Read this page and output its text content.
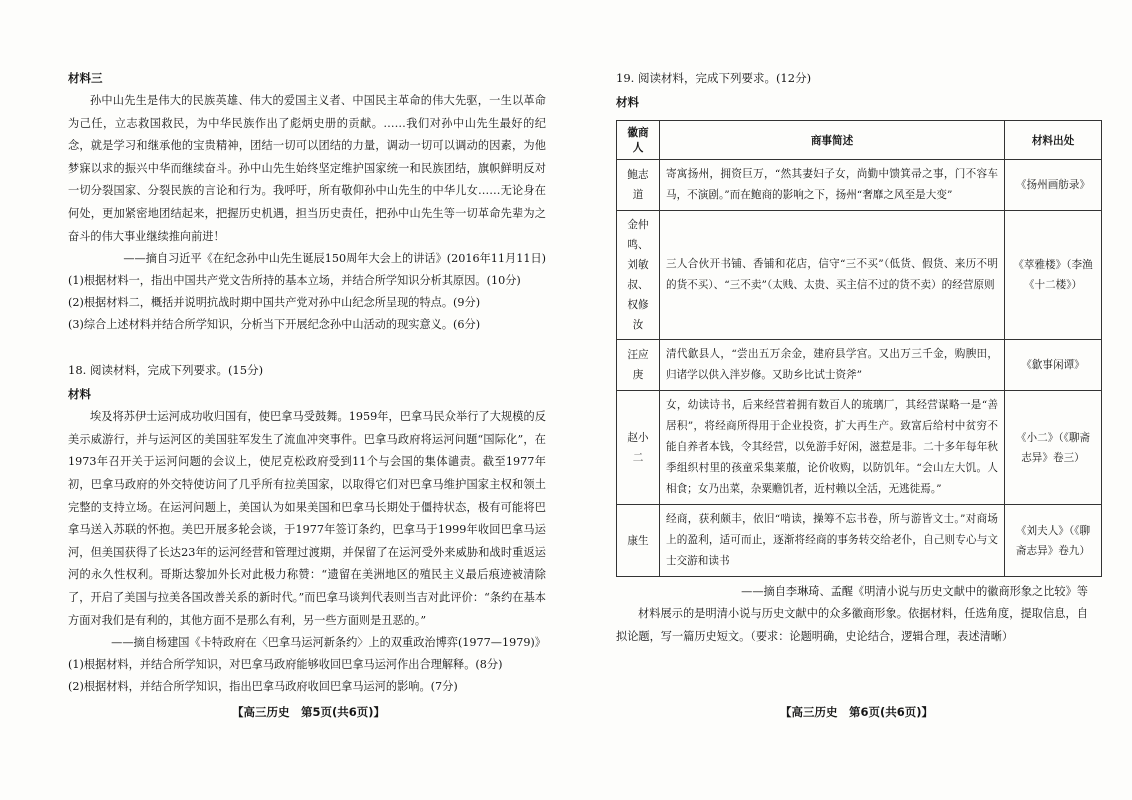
材料三

孙中山先生是伟大的民族英雄、伟大的爱国主义者、中国民主革命的伟大先驱，一生以革命为己任，立志救国救民，为中华民族作出了彪炳史册的贡献。……我们对孙中山先生最好的纪念，就是学习和继承他的宝贵精神，团结一切可以团结的力量，调动一切可以调动的因素，为他梦寐以求的振兴中华而继续奋斗。孙中山先生始终坚定维护国家统一和民族团结，旗帜鲜明反对一切分裂国家、分裂民族的言论和行为。我呼吁，所有敬仰孙中山先生的中华儿女……无论身在何处，更加紧密地团结起来，把握历史机遇，担当历史责任，把孙中山先生等一切革命先辈为之奋斗的伟大事业继续推向前进！

——摘自习近平《在纪念孙中山先生诞辰150周年大会上的讲话》(2016年11月11日)

(1)根据材料一，指出中国共产党文告所持的基本立场，并结合所学知识分析其原因。(10分)

(2)根据材料二，概括并说明抗战时期中国共产党对孙中山纪念所呈现的特点。(9分)

(3)综合上述材料并结合所学知识，分析当下开展纪念孙中山活动的现实意义。(6分)

18. 阅读材料，完成下列要求。(15分)

材料

埃及将苏伊士运河成功收归国有，使巴拿马受鼓舞。1959年，巴拿马民众举行了大规模的反美示威游行，并与运河区的美国驻军发生了流血冲突事件。巴拿马政府将运河问题“国际化”，在1973年召开关于运河问题的会议上，使尼克松政府受到11个与会国的集体谴责。截至1977年初，巴拿马政府的外交特使访问了几乎所有拉美国家，以取得它们对巴拿马维护国家主权和领土完整的支持立场。在运河问题上，美国认为如果美国和巴拿马长期处于僵持状态，极有可能将巴拿马送入苏联的怀抱。美巴开展多轮会谈，于1977年签订条约，巴拿马于1999年收回巴拿马运河，但美国获得了长达23年的运河经营和管理过渡期，并保留了在运河受外来威胁和战时重返运河的永久性权利。哥斯达黎加外长对此极力称赞：“遗留在美洲地区的殖民主义最后痕迹被清除了，开启了美国与拉美各国改善关系的新时代。”而巴拿马谈判代表则当吉对此评价：“条约在基本方面对我们是有利的，其他方面不是那么有利，另一些方面则是丑恶的。”

——摘自杨建国《卡特政府在〈巴拿马运河新条约〉上的双重政治博弈(1977—1979)》

(1)根据材料，并结合所学知识，对巴拿马政府能够收回巴拿马运河作出合理解释。(8分)

(2)根据材料，并结合所学知识，指出巴拿马政府收回巴拿马运河的影响。(7分)

【高三历史　第5页(共6页)】

19. 阅读材料，完成下列要求。(12分)

材料

徽商人	商事简述	材料出处
鲍志道	寄寓扬州，拥资巨万，“然其妻妇子女，尚勤中馈箕帚之事，门不容车马，不演剧。”而在鲍商的影响之下，扬州“奢靡之风至是大变”	《扬州画舫录》
金仲鸣、刘敏叔、权修汝	三人合伙开书铺、香铺和花店，信守“三不买”（低货、假货、来历不明的货不买）、“三不卖”（太贱、太贵、买主信不过的货不卖）的经营原则	《萃雅楼》（李渔《十二楼》）
汪应庚	清代歙县人，“尝出五万余金，建府县学宫。又出万三千金，购腴田，归诸学以供入泮岁修。又助乡比试士资斧”	《歙事闲谭》
赵小二	女，幼读诗书，后来经营着拥有数百人的琉璃厂，其经营谋略一是“善居积”，将经商所得用于企业投资，扩大再生产。致富后给村中贫穷不能自养者本钱，令其经营，以免游手好闲，滋惹是非。二十多年每年秋季组织村里的孩童采集莱菔，论价收购，以防饥年。“会山左大饥。人相食；女乃出菜，杂粟赡饥者，近村赖以全活，无逃徙焉。”	《小二》（《聊斋志异》卷三）
康生	经商，获利颇丰，依旧“啃读，操筹不忘书卷，所与游皆文士。”对商场上的盈利，适可而止，逐渐将经商的事务转交给老仆，自己则专心与文士交游和读书	《刘夫人》（《聊斋志异》卷九）

——摘自李琳琦、孟醒《明清小说与历史文献中的徽商形象之比较》等

材料展示的是明清小说与历史文献中的众多徽商形象。依据材料，任选角度，提取信息，自拟论题，写一篇历史短文。（要求：论题明确，史论结合，逻辑合理，表述清晰）

【高三历史　第6页(共6页)】
